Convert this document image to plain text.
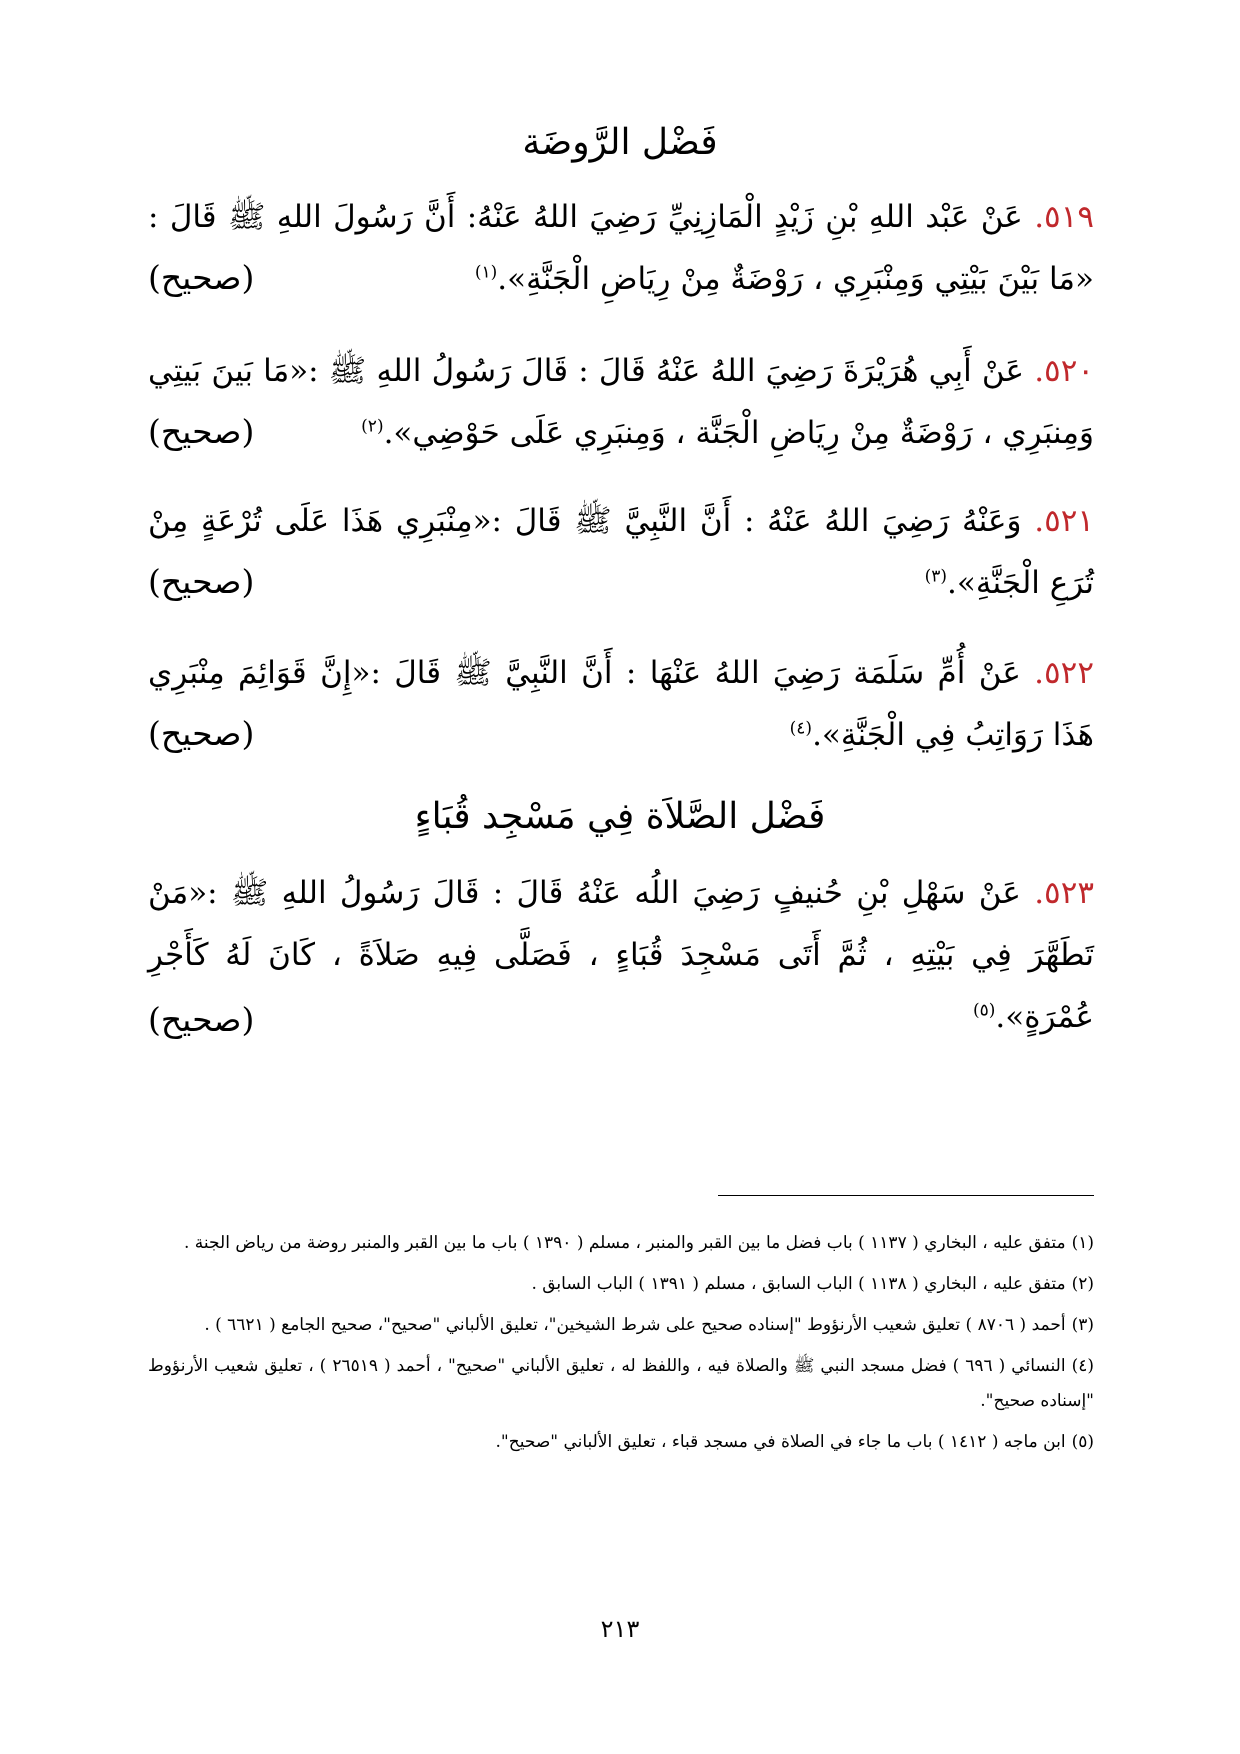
فَضْل الرَّوضَة
٥١٩. عَنْ عَبْد اللهِ بْنِ زَيْدٍ الْمَازِنِيِّ رَضِيَ اللهُ عَنْهُ: أَنَّ رَسُولَ اللهِ ﷺ قَالَ : «مَا بَيْنَ بَيْتِي وَمِنْبَرِي ، رَوْضَةٌ مِنْ رِيَاضِ الْجَنَّةِ».$^{(١)}$
(صحيح)
٥٢٠. عَنْ أَبِي هُرَيْرَةَ رَضِيَ اللهُ عَنْهُ قَالَ : قَالَ رَسُولُ اللهِ ﷺ :«مَا بَينَ بَيتِي وَمِنبَرِي ، رَوْضَةٌ مِنْ رِيَاضِ الْجَنَّة ، وَمِنبَرِي عَلَى حَوْضِي».$^{(٢)}$
(صحيح)
٥٢١. وَعَنْهُ رَضِيَ اللهُ عَنْهُ : أَنَّ النَّبِيَّ ﷺ قَالَ :«مِنْبَرِي هَذَا عَلَى تُرْعَةٍ مِنْ تُرَعِ الْجَنَّةِ».$^{(٣)}$
(صحيح)
٥٢٢. عَنْ أُمِّ سَلَمَة رَضِيَ اللهُ عَنْهَا : أَنَّ النَّبِيَّ ﷺ قَالَ :«إِنَّ قَوَائِمَ مِنْبَرِي هَذَا رَوَاتِبُ فِي الْجَنَّةِ».$^{(٤)}$
(صحيح)
فَضْل الصَّلاَة فِي مَسْجِد قُبَاءٍ
٥٢٣. عَنْ سَهْلِ بْنِ حُنيفٍ رَضِيَ اللُه عَنْهُ قَالَ : قَالَ رَسُولُ اللهِ ﷺ :«مَنْ تَطَهَّرَ فِي بَيْتِهِ ، ثُمَّ أَتَى مَسْجِدَ قُبَاءٍ ، فَصَلَّى فِيهِ صَلاَةً ، كَانَ لَهُ كَأَجْرِ عُمْرَةٍ».$^{(٥)}$
(صحيح)

(١)متفق عليه ، البخاري ( ١١٣٧ ) باب فضل ما بين القبر والمنبر ، مسلم ( ١٣٩٠ ) باب ما بين القبر والمنبر روضة من رياض الجنة .

(٢)متفق عليه ، البخاري ( ١١٣٨ ) الباب السابق ، مسلم ( ١٣٩١ ) الباب السابق .

(٣)أحمد ( ٨٧٠٦ ) تعليق شعيب الأرنؤوط "إسناده صحيح على شرط الشيخين"، تعليق الألباني "صحيح"، صحيح الجامع ( ٦٦٢١ ) .

(٤)النسائي ( ٦٩٦ ) فضل مسجد النبي ﷺ والصلاة فيه ، واللفظ له ، تعليق الألباني "صحيح" ، أحمد ( ٢٦٥١٩ ) ، تعليق شعيب الأرنؤوط "إسناده صحيح".

(٥)ابن ماجه ( ١٤١٢ ) باب ما جاء في الصلاة في مسجد قباء ، تعليق الألباني "صحيح".

٢١٣
